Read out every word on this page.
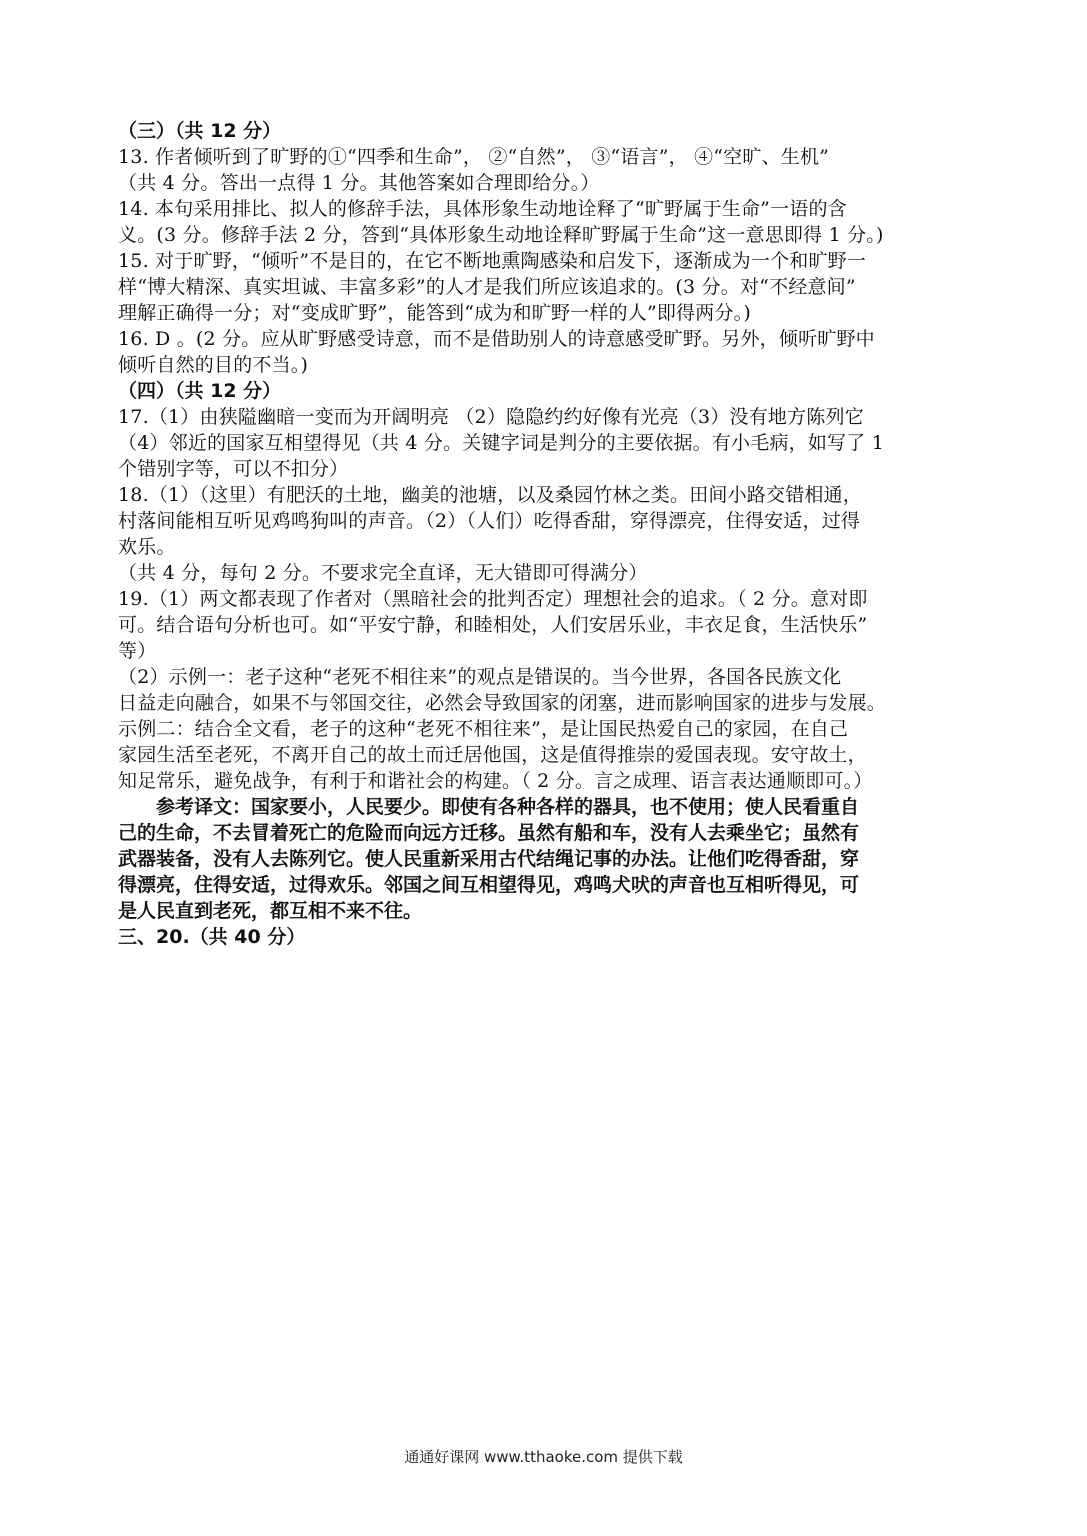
（三）（共 12 分）
13. 作者倾听到了旷野的①“四季和生命”， ②“自然”， ③“语言”， ④“空旷、生机”
（共 4 分。答出一点得 1 分。其他答案如合理即给分。）
14. 本句采用排比、拟人的修辞手法，具体形象生动地诠释了“旷野属于生命”一语的含
义。(3 分。修辞手法 2 分，答到“具体形象生动地诠释旷野属于生命”这一意思即得 1 分。)
15. 对于旷野，“倾听”不是目的，在它不断地熏陶感染和启发下，逐渐成为一个和旷野一
样“博大精深、真实坦诚、丰富多彩”的人才是我们所应该追求的。(3 分。对“不经意间”
理解正确得一分；对“变成旷野”，能答到“成为和旷野一样的人”即得两分。)
16. D 。(2 分。应从旷野感受诗意，而不是借助别人的诗意感受旷野。另外，倾听旷野中
倾听自然的目的不当。)
（四）（共 12 分）
17.（1）由狭隘幽暗一变而为开阔明亮 （2）隐隐约约好像有光亮（3）没有地方陈列它
（4）邻近的国家互相望得见（共 4 分。关键字词是判分的主要依据。有小毛病，如写了 1
个错别字等，可以不扣分）
18.（1）（这里）有肥沃的土地，幽美的池塘，以及桑园竹林之类。田间小路交错相通，
村落间能相互听见鸡鸣狗叫的声音。（2）（人们）吃得香甜，穿得漂亮，住得安适，过得
欢乐。
（共 4 分，每句 2 分。不要求完全直译，无大错即可得满分）
19.（1）两文都表现了作者对（黑暗社会的批判否定）理想社会的追求。（ 2 分。意对即
可。结合语句分析也可。如“平安宁静，和睦相处，人们安居乐业，丰衣足食，生活快乐”
等）
（2）示例一：老子这种“老死不相往来”的观点是错误的。当今世界，各国各民族文化
日益走向融合，如果不与邻国交往，必然会导致国家的闭塞，进而影响国家的进步与发展。
示例二：结合全文看，老子的这种“老死不相往来”，是让国民热爱自己的家园，在自己
家园生活至老死，不离开自己的故土而迁居他国，这是值得推崇的爱国表现。安守故土，
知足常乐，避免战争，有利于和谐社会的构建。（ 2 分。言之成理、语言表达通顺即可。）
参考译文：国家要小，人民要少。即使有各种各样的器具，也不使用；使人民看重自
己的生命，不去冒着死亡的危险而向远方迁移。虽然有船和车，没有人去乘坐它；虽然有
武器装备，没有人去陈列它。使人民重新采用古代结绳记事的办法。让他们吃得香甜，穿
得漂亮，住得安适，过得欢乐。邻国之间互相望得见，鸡鸣犬吠的声音也互相听得见，可
是人民直到老死，都互相不来不往。
三、20.（共 40 分）
通通好课网 www.tthaoke.com 提供下载
